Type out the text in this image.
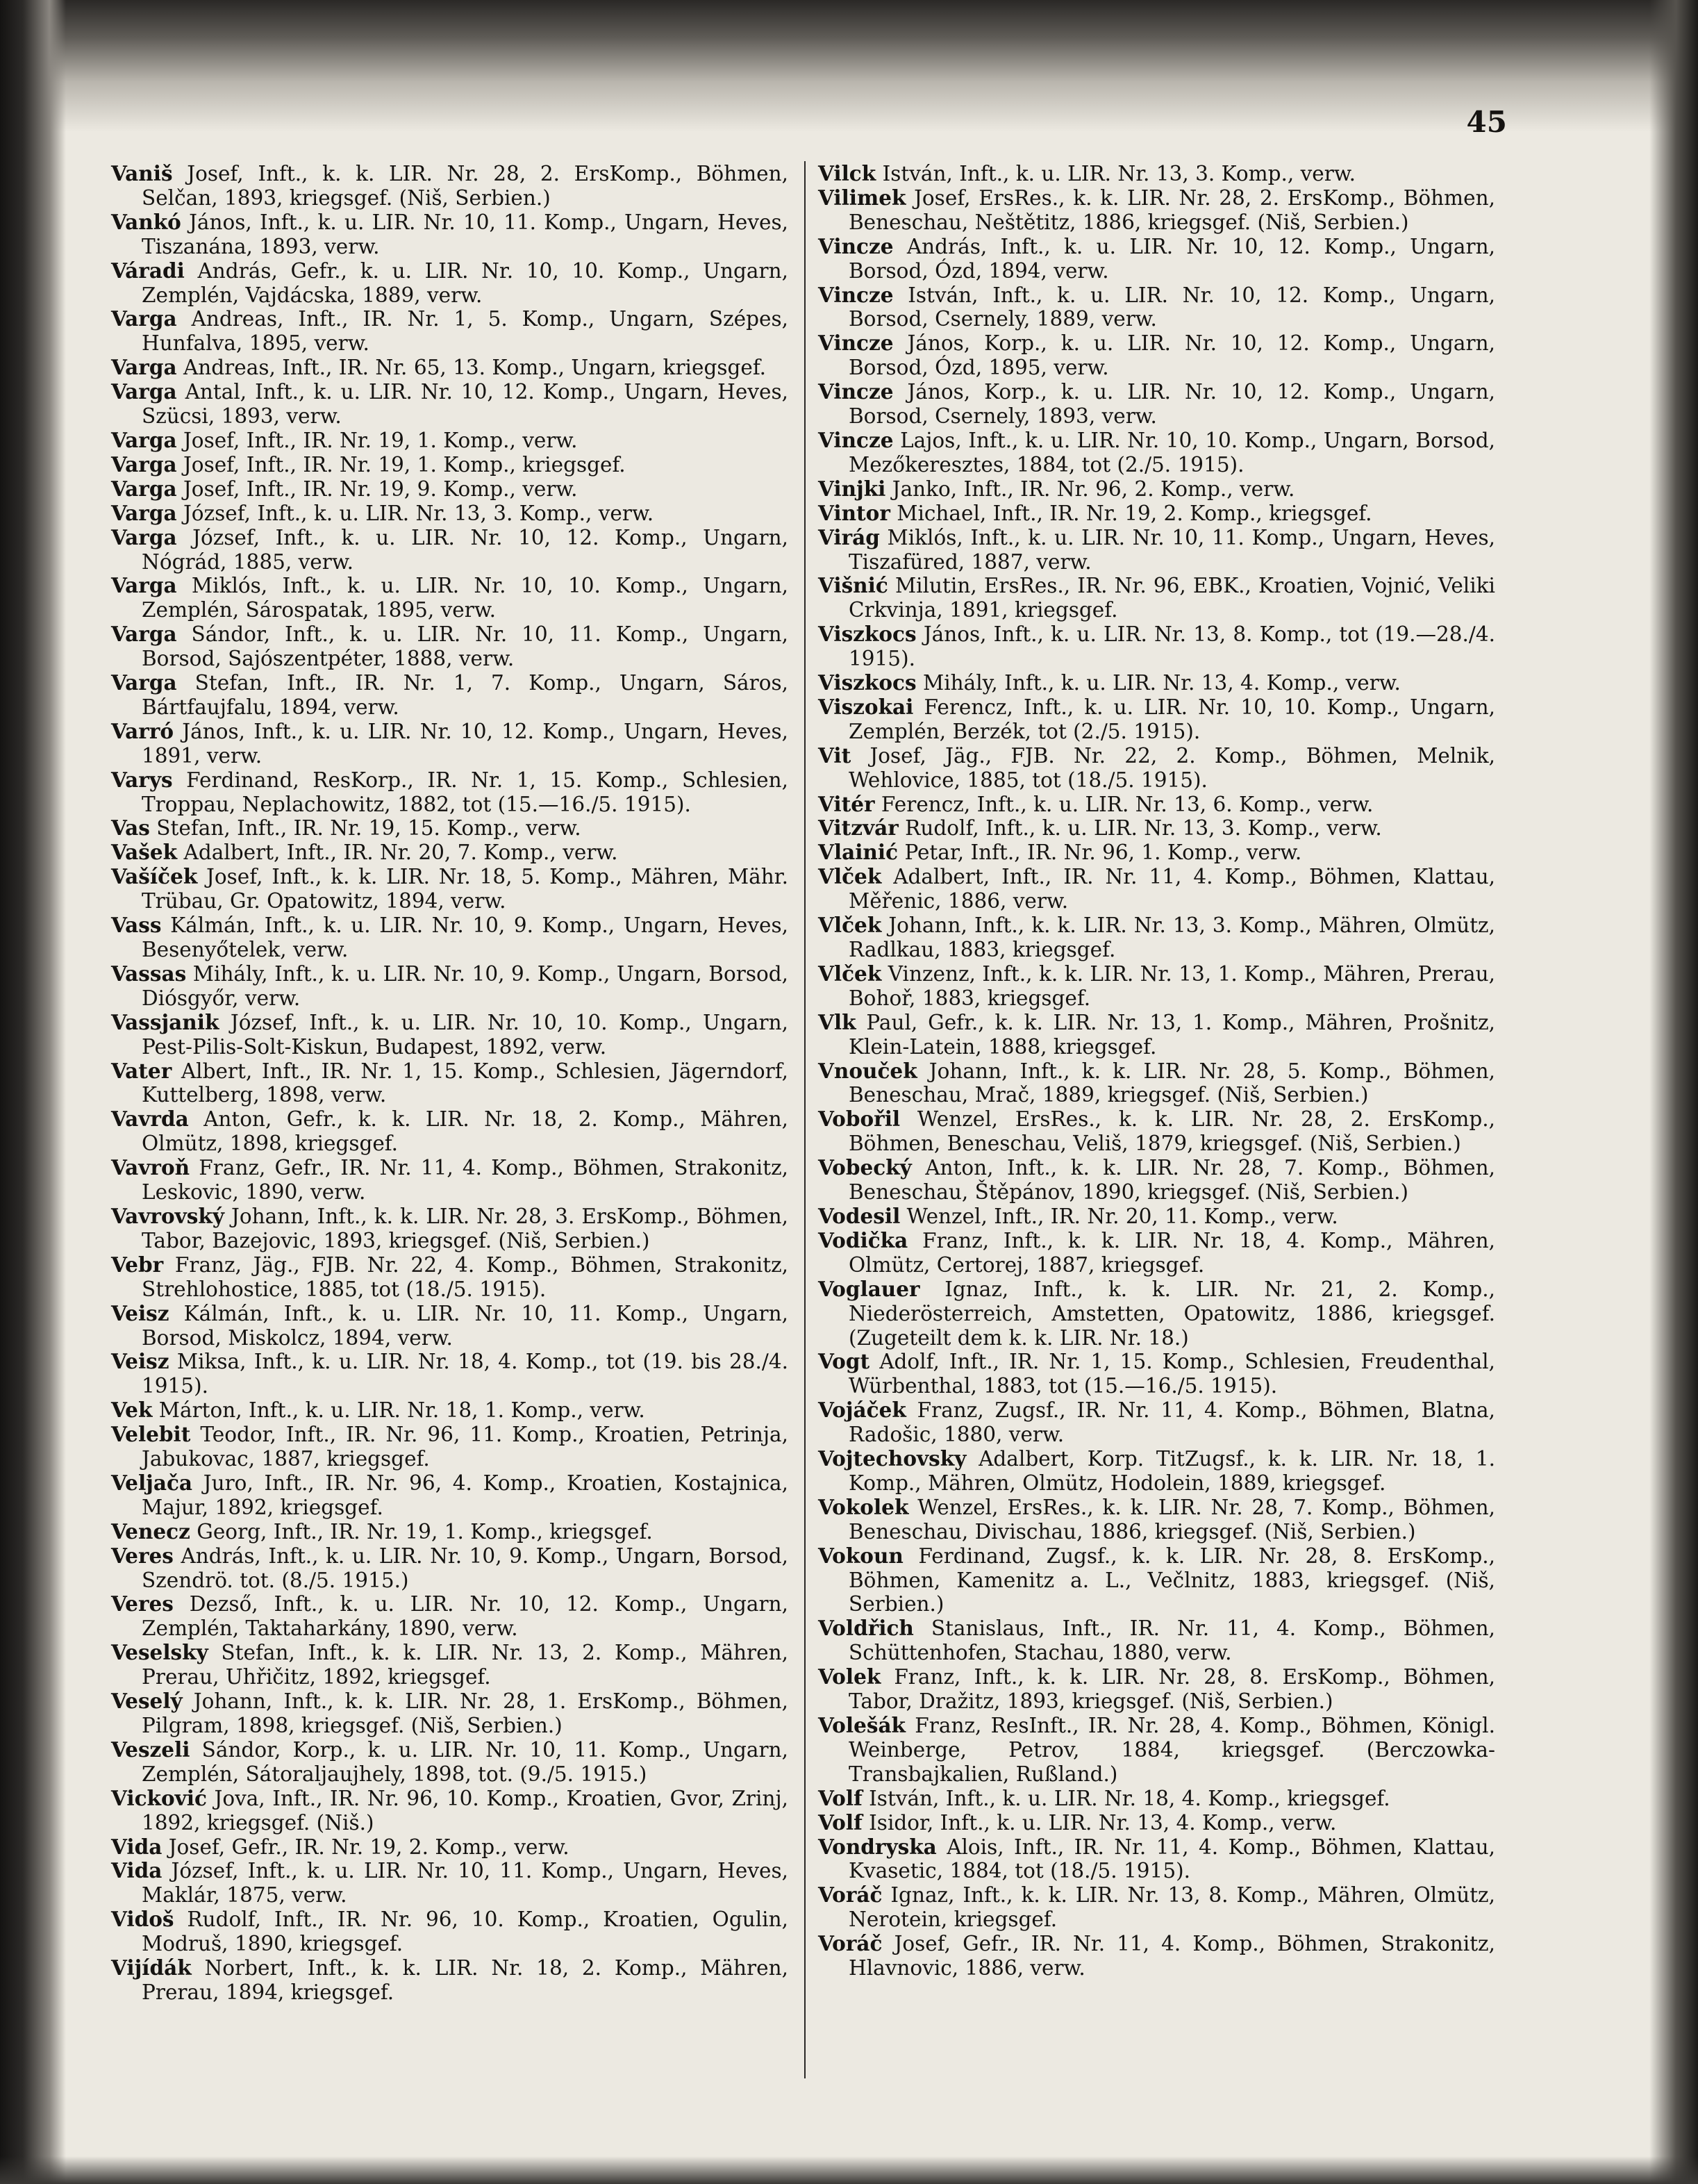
45
Vaniš Josef, Inft., k. k. LIR. Nr. 28, 2. ErsKomp., Böhmen, Selčan, 1893, kriegsgef. (Niš, Serbien.)
Vankó János, Inft., k. u. LIR. Nr. 10, 11. Komp., Ungarn, Heves, Tiszanána, 1893, verw.
Váradi András, Gefr., k. u. LIR. Nr. 10, 10. Komp., Ungarn, Zemplén, Vajdácska, 1889, verw.
Varga Andreas, Inft., IR. Nr. 1, 5. Komp., Ungarn, Szépes, Hunfalva, 1895, verw.
Varga Andreas, Inft., IR. Nr. 65, 13. Komp., Ungarn, kriegsgef.
Varga Antal, Inft., k. u. LIR. Nr. 10, 12. Komp., Ungarn, Heves, Szücsi, 1893, verw.
Varga Josef, Inft., IR. Nr. 19, 1. Komp., verw.
Varga Josef, Inft., IR. Nr. 19, 1. Komp., kriegsgef.
Varga Josef, Inft., IR. Nr. 19, 9. Komp., verw.
Varga József, Inft., k. u. LIR. Nr. 13, 3. Komp., verw.
Varga József, Inft., k. u. LIR. Nr. 10, 12. Komp., Ungarn, Nógrád, 1885, verw.
Varga Miklós, Inft., k. u. LIR. Nr. 10, 10. Komp., Ungarn, Zemplén, Sárospatak, 1895, verw.
Varga Sándor, Inft., k. u. LIR. Nr. 10, 11. Komp., Ungarn, Borsod, Sajószentpéter, 1888, verw.
Varga Stefan, Inft., IR. Nr. 1, 7. Komp., Ungarn, Sáros, Bártfaujfalu, 1894, verw.
Varró János, Inft., k. u. LIR. Nr. 10, 12. Komp., Ungarn, Heves, 1891, verw.
Varys Ferdinand, ResKorp., IR. Nr. 1, 15. Komp., Schlesien, Troppau, Neplachowitz, 1882, tot (15.—16./5. 1915).
Vas Stefan, Inft., IR. Nr. 19, 15. Komp., verw.
Vašek Adalbert, Inft., IR. Nr. 20, 7. Komp., verw.
Vašíček Josef, Inft., k. k. LIR. Nr. 18, 5. Komp., Mähren, Mähr. Trübau, Gr. Opatowitz, 1894, verw.
Vass Kálmán, Inft., k. u. LIR. Nr. 10, 9. Komp., Ungarn, Heves, Besenyőtelek, verw.
Vassas Mihály, Inft., k. u. LIR. Nr. 10, 9. Komp., Ungarn, Borsod, Diósgyőr, verw.
Vassjanik József, Inft., k. u. LIR. Nr. 10, 10. Komp., Ungarn, Pest-Pilis-Solt-Kiskun, Budapest, 1892, verw.
Vater Albert, Inft., IR. Nr. 1, 15. Komp., Schlesien, Jägerndorf, Kuttelberg, 1898, verw.
Vavrda Anton, Gefr., k. k. LIR. Nr. 18, 2. Komp., Mähren, Olmütz, 1898, kriegsgef.
Vavroň Franz, Gefr., IR. Nr. 11, 4. Komp., Böhmen, Strakonitz, Leskovic, 1890, verw.
Vavrovský Johann, Inft., k. k. LIR. Nr. 28, 3. ErsKomp., Böhmen, Tabor, Bazejovic, 1893, kriegsgef. (Niš, Serbien.)
Vebr Franz, Jäg., FJB. Nr. 22, 4. Komp., Böhmen, Strakonitz, Strehlohostice, 1885, tot (18./5. 1915).
Veisz Kálmán, Inft., k. u. LIR. Nr. 10, 11. Komp., Ungarn, Borsod, Miskolcz, 1894, verw.
Veisz Miksa, Inft., k. u. LIR. Nr. 18, 4. Komp., tot (19. bis 28./4. 1915).
Vek Márton, Inft., k. u. LIR. Nr. 18, 1. Komp., verw.
Velebit Teodor, Inft., IR. Nr. 96, 11. Komp., Kroatien, Petrinja, Jabukovac, 1887, kriegsgef.
Veljača Juro, Inft., IR. Nr. 96, 4. Komp., Kroatien, Kostajnica, Majur, 1892, kriegsgef.
Venecz Georg, Inft., IR. Nr. 19, 1. Komp., kriegsgef.
Veres András, Inft., k. u. LIR. Nr. 10, 9. Komp., Ungarn, Borsod, Szendrö. tot. (8./5. 1915.)
Veres Dezső, Inft., k. u. LIR. Nr. 10, 12. Komp., Ungarn, Zemplén, Taktaharkány, 1890, verw.
Veselsky Stefan, Inft., k. k. LIR. Nr. 13, 2. Komp., Mähren, Prerau, Uhřičitz, 1892, kriegsgef.
Veselý Johann, Inft., k. k. LIR. Nr. 28, 1. ErsKomp., Böhmen, Pilgram, 1898, kriegsgef. (Niš, Serbien.)
Veszeli Sándor, Korp., k. u. LIR. Nr. 10, 11. Komp., Ungarn, Zemplén, Sátoraljaujhely, 1898, tot. (9./5. 1915.)
Vicković Jova, Inft., IR. Nr. 96, 10. Komp., Kroatien, Gvor, Zrinj, 1892, kriegsgef. (Niš.)
Vida Josef, Gefr., IR. Nr. 19, 2. Komp., verw.
Vida József, Inft., k. u. LIR. Nr. 10, 11. Komp., Ungarn, Heves, Maklár, 1875, verw.
Vidoš Rudolf, Inft., IR. Nr. 96, 10. Komp., Kroatien, Ogulin, Modruš, 1890, kriegsgef.
Vijídák Norbert, Inft., k. k. LIR. Nr. 18, 2. Komp., Mähren, Prerau, 1894, kriegsgef.
Vilck István, Inft., k. u. LIR. Nr. 13, 3. Komp., verw.
Vilimek Josef, ErsRes., k. k. LIR. Nr. 28, 2. ErsKomp., Böhmen, Beneschau, Neštětitz, 1886, kriegsgef. (Niš, Serbien.)
Vincze András, Inft., k. u. LIR. Nr. 10, 12. Komp., Ungarn, Borsod, Ózd, 1894, verw.
Vincze István, Inft., k. u. LIR. Nr. 10, 12. Komp., Ungarn, Borsod, Csernely, 1889, verw.
Vincze János, Korp., k. u. LIR. Nr. 10, 12. Komp., Ungarn, Borsod, Ózd, 1895, verw.
Vincze János, Korp., k. u. LIR. Nr. 10, 12. Komp., Ungarn, Borsod, Csernely, 1893, verw.
Vincze Lajos, Inft., k. u. LIR. Nr. 10, 10. Komp., Ungarn, Borsod, Mezőkeresztes, 1884, tot (2./5. 1915).
Vinjki Janko, Inft., IR. Nr. 96, 2. Komp., verw.
Vintor Michael, Inft., IR. Nr. 19, 2. Komp., kriegsgef.
Virág Miklós, Inft., k. u. LIR. Nr. 10, 11. Komp., Ungarn, Heves, Tiszafüred, 1887, verw.
Višnić Milutin, ErsRes., IR. Nr. 96, EBK., Kroatien, Vojnić, Veliki Crkvinja, 1891, kriegsgef.
Viszkocs János, Inft., k. u. LIR. Nr. 13, 8. Komp., tot (19.—28./4. 1915).
Viszkocs Mihály, Inft., k. u. LIR. Nr. 13, 4. Komp., verw.
Viszokai Ferencz, Inft., k. u. LIR. Nr. 10, 10. Komp., Ungarn, Zemplén, Berzék, tot (2./5. 1915).
Vit Josef, Jäg., FJB. Nr. 22, 2. Komp., Böhmen, Melnik, Wehlovice, 1885, tot (18./5. 1915).
Vitér Ferencz, Inft., k. u. LIR. Nr. 13, 6. Komp., verw.
Vitzvár Rudolf, Inft., k. u. LIR. Nr. 13, 3. Komp., verw.
Vlainić Petar, Inft., IR. Nr. 96, 1. Komp., verw.
Vlček Adalbert, Inft., IR. Nr. 11, 4. Komp., Böhmen, Klattau, Měřenic, 1886, verw.
Vlček Johann, Inft., k. k. LIR. Nr. 13, 3. Komp., Mähren, Olmütz, Radlkau, 1883, kriegsgef.
Vlček Vinzenz, Inft., k. k. LIR. Nr. 13, 1. Komp., Mähren, Prerau, Bohoř, 1883, kriegsgef.
Vlk Paul, Gefr., k. k. LIR. Nr. 13, 1. Komp., Mähren, Prošnitz, Klein-Latein, 1888, kriegsgef.
Vnouček Johann, Inft., k. k. LIR. Nr. 28, 5. Komp., Böhmen, Beneschau, Mrač, 1889, kriegsgef. (Niš, Serbien.)
Vobořil Wenzel, ErsRes., k. k. LIR. Nr. 28, 2. ErsKomp., Böhmen, Beneschau, Veliš, 1879, kriegsgef. (Niš, Serbien.)
Vobecký Anton, Inft., k. k. LIR. Nr. 28, 7. Komp., Böhmen, Beneschau, Štěpánov, 1890, kriegsgef. (Niš, Serbien.)
Vodesil Wenzel, Inft., IR. Nr. 20, 11. Komp., verw.
Vodička Franz, Inft., k. k. LIR. Nr. 18, 4. Komp., Mähren, Olmütz, Certorej, 1887, kriegsgef.
Voglauer Ignaz, Inft., k. k. LIR. Nr. 21, 2. Komp., Niederösterreich, Amstetten, Opatowitz, 1886, kriegsgef. (Zugeteilt dem k. k. LIR. Nr. 18.)
Vogt Adolf, Inft., IR. Nr. 1, 15. Komp., Schlesien, Freudenthal, Würbenthal, 1883, tot (15.—16./5. 1915).
Vojáček Franz, Zugsf., IR. Nr. 11, 4. Komp., Böhmen, Blatna, Radošic, 1880, verw.
Vojtechovsky Adalbert, Korp. TitZugsf., k. k. LIR. Nr. 18, 1. Komp., Mähren, Olmütz, Hodolein, 1889, kriegsgef.
Vokolek Wenzel, ErsRes., k. k. LIR. Nr. 28, 7. Komp., Böhmen, Beneschau, Divischau, 1886, kriegsgef. (Niš, Serbien.)
Vokoun Ferdinand, Zugsf., k. k. LIR. Nr. 28, 8. ErsKomp., Böhmen, Kamenitz a. L., Večlnitz, 1883, kriegsgef. (Niš, Serbien.)
Voldřich Stanislaus, Inft., IR. Nr. 11, 4. Komp., Böhmen, Schüttenhofen, Stachau, 1880, verw.
Volek Franz, Inft., k. k. LIR. Nr. 28, 8. ErsKomp., Böhmen, Tabor, Dražitz, 1893, kriegsgef. (Niš, Serbien.)
Volešák Franz, ResInft., IR. Nr. 28, 4. Komp., Böhmen, Königl. Weinberge, Petrov, 1884, kriegsgef. (Berczowka-Transbajkalien, Rußland.)
Volf István, Inft., k. u. LIR. Nr. 18, 4. Komp., kriegsgef.
Volf Isidor, Inft., k. u. LIR. Nr. 13, 4. Komp., verw.
Vondryska Alois, Inft., IR. Nr. 11, 4. Komp., Böhmen, Klattau, Kvasetic, 1884, tot (18./5. 1915).
Voráč Ignaz, Inft., k. k. LIR. Nr. 13, 8. Komp., Mähren, Olmütz, Nerotein, kriegsgef.
Voráč Josef, Gefr., IR. Nr. 11, 4. Komp., Böhmen, Strakonitz, Hlavnovic, 1886, verw.
